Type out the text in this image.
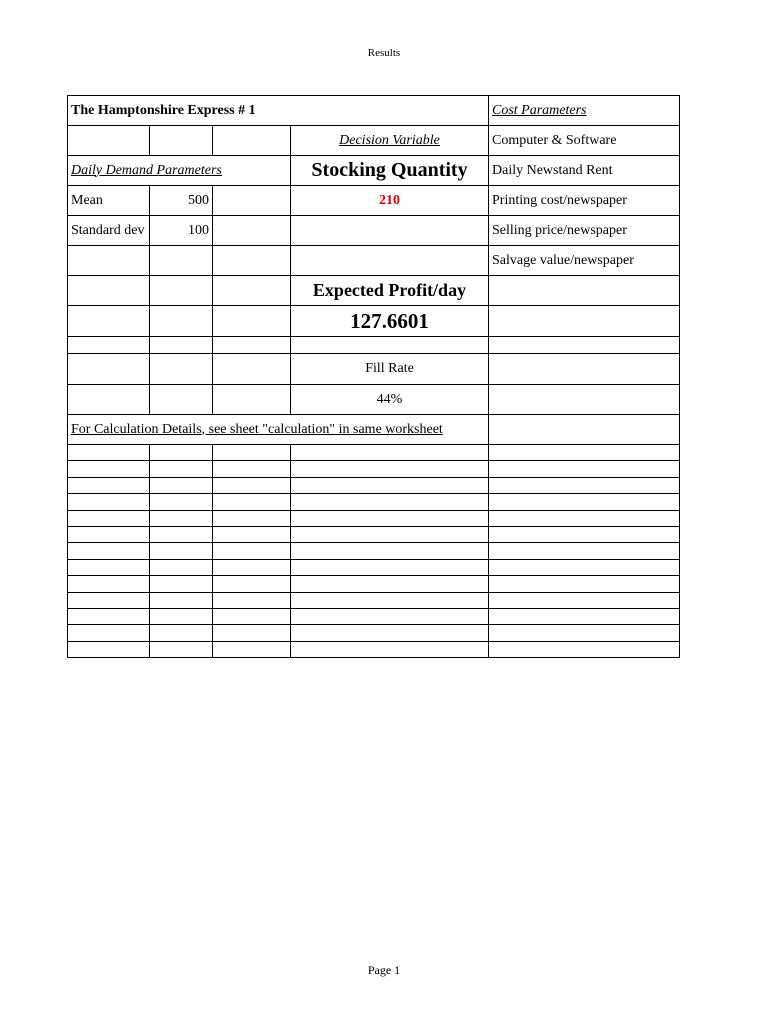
Results
The Hamptonshire Express # 1				Cost Parameters
			Decision Variable	Computer & Software
Daily Demand Parameters			Stocking Quantity	Daily Newstand Rent
Mean	500		210	Printing cost/newspaper
Standard dev	100			Selling price/newspaper
				Salvage value/newspaper
			Expected Profit/day	
			127.6601	

			Fill Rate	
			44%	
For Calculation Details, see sheet "calculation" in same worksheet				

Page 1
